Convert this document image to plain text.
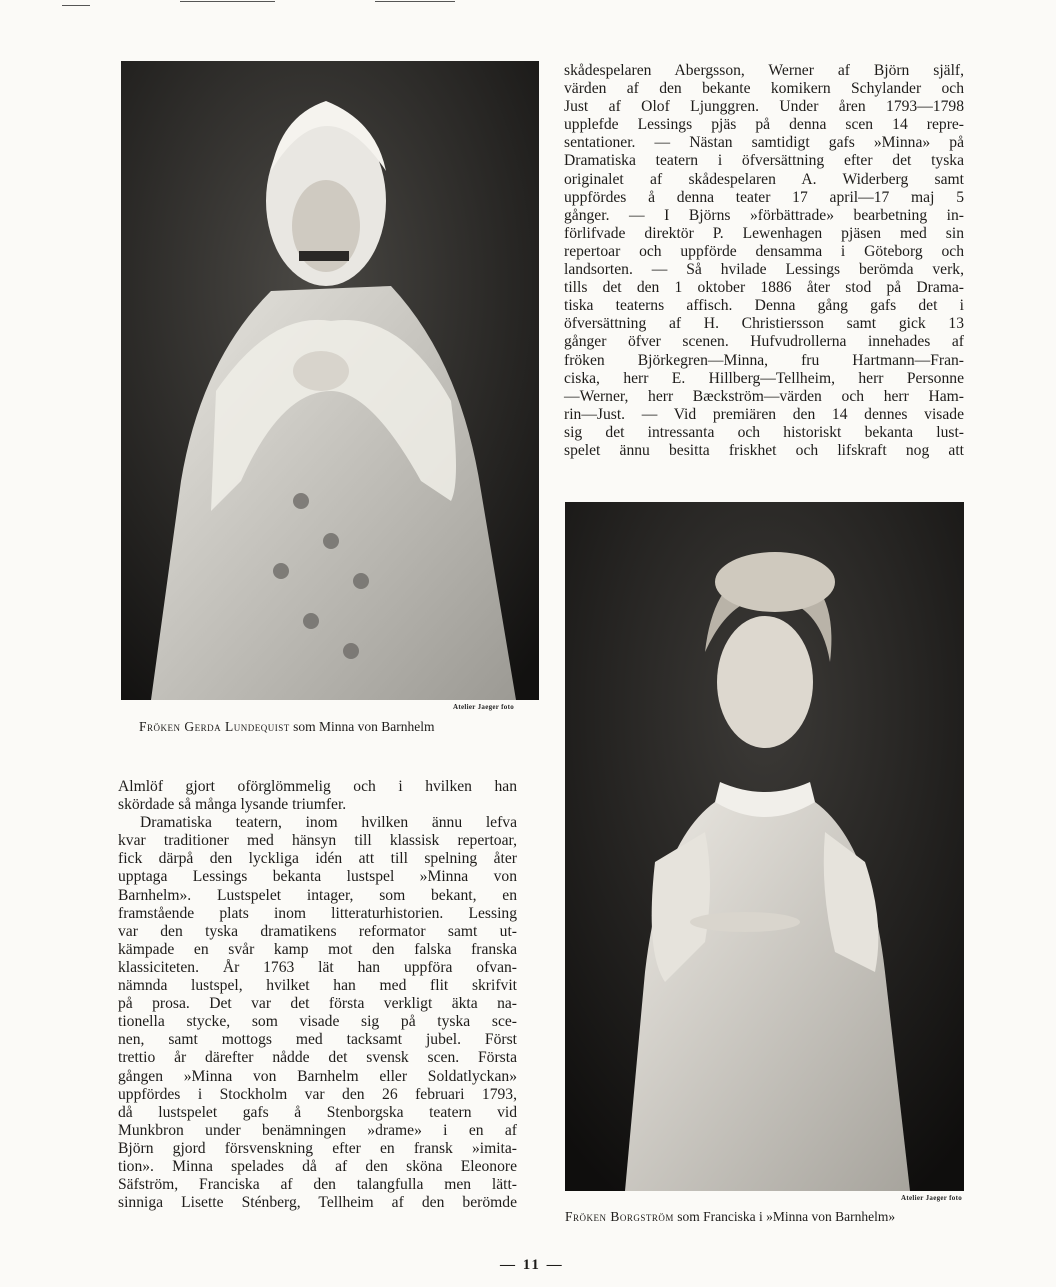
Atelier Jaeger foto
Fröken Gerda Lundequist som Minna von Barnhelm
skådespelaren Abergsson, Werner af Björn själf,
värden af den bekante komikern Schylander och
Just af Olof Ljunggren. Under åren 1793—1798
upplefde Lessings pjäs på denna scen 14 repre-
sentationer. — Nästan samtidigt gafs »Minna» på
Dramatiska teatern i öfversättning efter det tyska
originalet af skådespelaren A. Widerberg samt
uppfördes å denna teater 17 april—17 maj 5
gånger. — I Björns »förbättrade» bearbetning in-
förlifvade direktör P. Lewenhagen pjäsen med sin
repertoar och uppförde densamma i Göteborg och
landsorten. — Så hvilade Lessings berömda verk,
tills det den 1 oktober 1886 åter stod på Drama-
tiska teaterns affisch. Denna gång gafs det i
öfversättning af H. Christiersson samt gick 13
gånger öfver scenen. Hufvudrollerna innehades af
fröken Björkegren—Minna, fru Hartmann—Fran-
ciska, herr E. Hillberg—Tellheim, herr Personne
—Werner, herr Bæckström—värden och herr Ham-
rin—Just. — Vid premiären den 14 dennes visade
sig det intressanta och historiskt bekanta lust-
spelet ännu besitta friskhet och lifskraft nog att
Atelier Jaeger foto
Fröken Borgström som Franciska i »Minna von Barnhelm»
Almlöf gjort oförglömmelig och i hvilken han
skördade så många lysande triumfer.
Dramatiska teatern, inom hvilken ännu lefva
kvar traditioner med hänsyn till klassisk repertoar,
fick därpå den lyckliga idén att till spelning åter
upptaga Lessings bekanta lustspel »Minna von
Barnhelm». Lustspelet intager, som bekant, en
framstående plats inom litteraturhistorien. Lessing
var den tyska dramatikens reformator samt ut-
kämpade en svår kamp mot den falska franska
klassiciteten. År 1763 lät han uppföra ofvan-
nämnda lustspel, hvilket han med flit skrifvit
på prosa. Det var det första verkligt äkta na-
tionella stycke, som visade sig på tyska sce-
nen, samt mottogs med tacksamt jubel. Först
trettio år därefter nådde det svensk scen. Första
gången »Minna von Barnhelm eller Soldatlyckan»
uppfördes i Stockholm var den 26 februari 1793,
då lustspelet gafs å Stenborgska teatern vid
Munkbron under benämningen »drame» i en af
Björn gjord försvenskning efter en fransk »imita-
tion». Minna spelades då af den sköna Eleonore
Säfström, Franciska af den talangfulla men lätt-
sinniga Lisette Sténberg, Tellheim af den berömde
— 11 —
